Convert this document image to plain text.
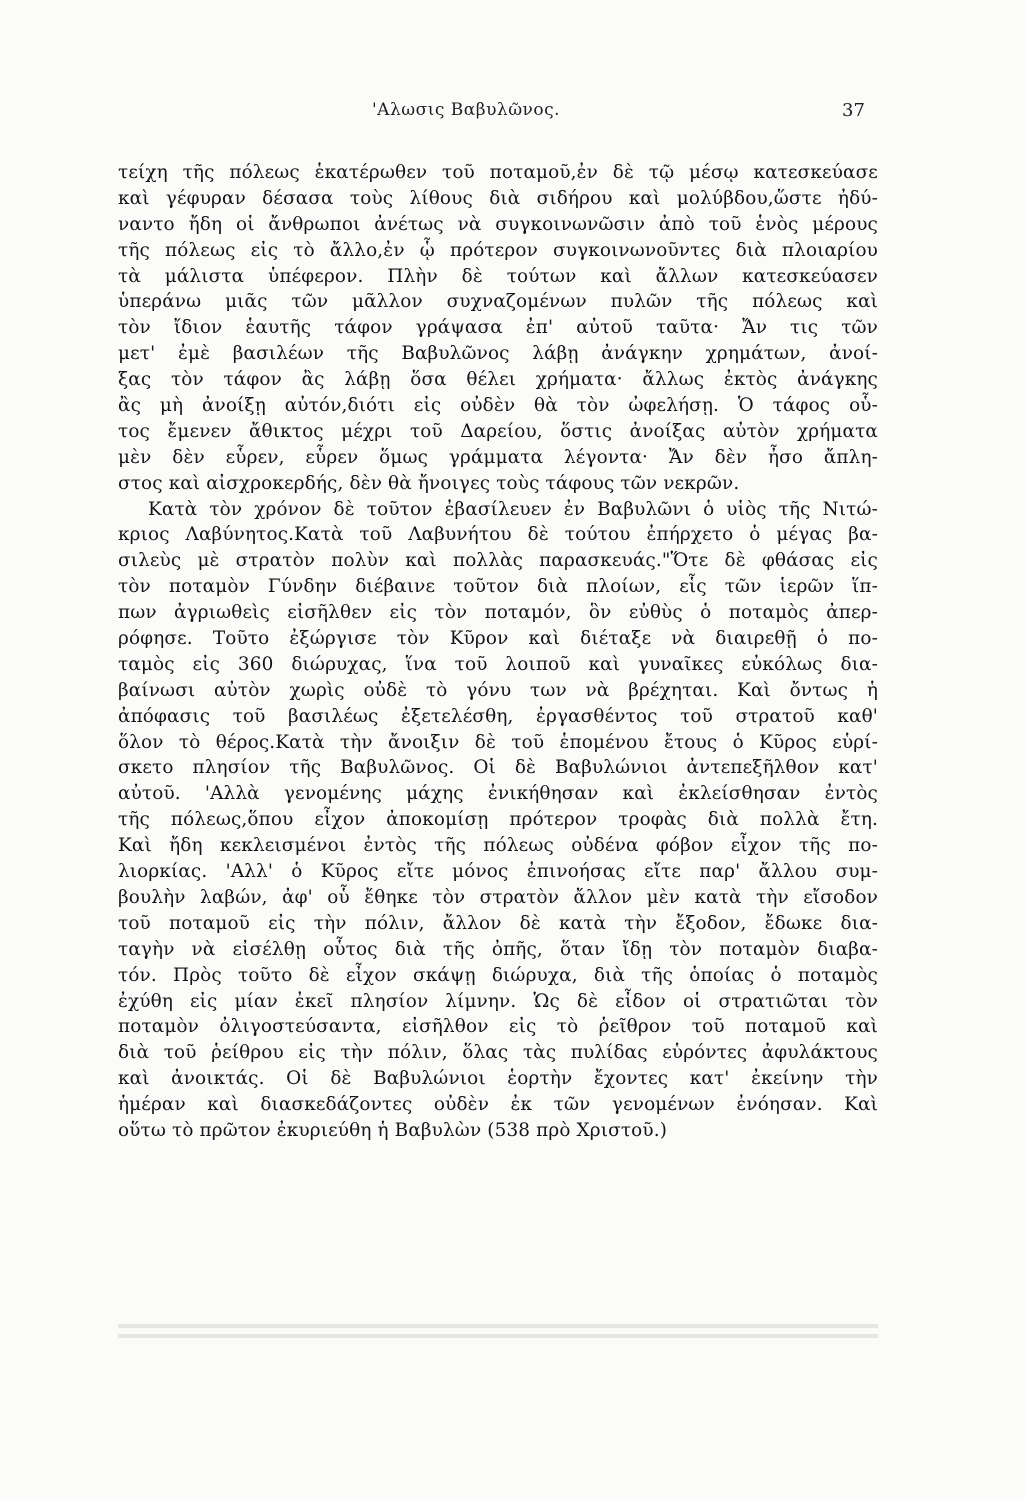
'Αλωσις Βαβυλῶνος.	37
τείχη τῆς πόλεως ἑκατέρωθεν τοῦ ποταμοῦ,ἐν δὲ τῷ μέσῳ κατεσκεύασε
καὶ γέφυραν δέσασα τοὺς λίθους διὰ σιδήρου καὶ μολύβδου,ὥστε ἠδύ-
ναντο ἤδη οἱ ἄνθρωποι ἀνέτως νὰ συγκοινωνῶσιν ἀπὸ τοῦ ἑνὸς μέρους
τῆς πόλεως εἰς τὸ ἄλλο,ἐν ᾧ πρότερον συγκοινωνοῦντες διὰ πλοιαρίου
τὰ μάλιστα ὑπέφερον. Πλὴν δὲ τούτων καὶ ἄλλων κατεσκεύασεν
ὑπεράνω μιᾶς τῶν μᾶλλον συχναζομένων πυλῶν τῆς πόλεως καὶ
τὸν ἴδιον ἑαυτῆς τάφον γράψασα ἐπ' αὐτοῦ ταῦτα· Ἄν τις τῶν
μετ' ἐμὲ βασιλέων τῆς Βαβυλῶνος λάβῃ ἀνάγκην χρημάτων, ἀνοί-
ξας τὸν τάφον ἂς λάβῃ ὅσα θέλει χρήματα· ἄλλως ἐκτὸς ἀνάγκης
ἂς μὴ ἀνοίξῃ αὐτόν,διότι εἰς οὐδὲν θὰ τὸν ὠφελήσῃ. Ὁ τάφος οὗ-
τος ἔμενεν ἄθικτος μέχρι τοῦ Δαρείου, ὅστις ἀνοίξας αὐτὸν χρήματα
μὲν δὲν εὗρεν, εὗρεν ὅμως γράμματα λέγοντα· Ἄν δὲν ἦσο ἄπλη-
στος καὶ αἰσχροκερδής, δὲν θὰ ἤνοιγες τοὺς τάφους τῶν νεκρῶν.
Κατὰ τὸν χρόνον δὲ τοῦτον ἐβασίλευεν ἐν Βαβυλῶνι ὁ υἱὸς τῆς Νιτώ-
κριος Λαβύνητος.Κατὰ τοῦ Λαβυνήτου δὲ τούτου ἐπήρχετο ὁ μέγας βα-
σιλεὺς μὲ στρατὸν πολὺν καὶ πολλὰς παρασκευάς."Ὅτε δὲ φθάσας εἰς
τὸν ποταμὸν Γύνδην διέβαινε τοῦτον διὰ πλοίων, εἷς τῶν ἱερῶν ἵπ-
πων ἀγριωθεὶς εἰσῆλθεν εἰς τὸν ποταμόν, ὃν εὐθὺς ὁ ποταμὸς ἀπερ-
ρόφησε. Τοῦτο ἐξώργισε τὸν Κῦρον καὶ διέταξε νὰ διαιρεθῇ ὁ πο-
ταμὸς εἰς 360 διώρυχας, ἵνα τοῦ λοιποῦ καὶ γυναῖκες εὐκόλως δια-
βαίνωσι αὐτὸν χωρὶς οὐδὲ τὸ γόνυ των νὰ βρέχηται. Καὶ ὄντως ἡ
ἀπόφασις τοῦ βασιλέως ἐξετελέσθη, ἐργασθέντος τοῦ στρατοῦ καθ'
ὅλον τὸ θέρος.Κατὰ τὴν ἄνοιξιν δὲ τοῦ ἑπομένου ἔτους ὁ Κῦρος εὑρί-
σκετο πλησίον τῆς Βαβυλῶνος. Οἱ δὲ Βαβυλώνιοι ἀντεπεξῆλθον κατ'
αὐτοῦ. 'Αλλὰ γενομένης μάχης ἐνικήθησαν καὶ ἐκλείσθησαν ἐντὸς
τῆς πόλεως,ὅπου εἶχον ἀποκομίσῃ πρότερον τροφὰς διὰ πολλὰ ἔτη.
Καὶ ἤδη κεκλεισμένοι ἐντὸς τῆς πόλεως οὐδένα φόβον εἶχον τῆς πο-
λιορκίας. 'Αλλ' ὁ Κῦρος εἴτε μόνος ἐπινοήσας εἴτε παρ' ἄλλου συμ-
βουλὴν λαβών, ἀφ' οὗ ἔθηκε τὸν στρατὸν ἄλλον μὲν κατὰ τὴν εἴσοδον
τοῦ ποταμοῦ εἰς τὴν πόλιν, ἄλλον δὲ κατὰ τὴν ἔξοδον, ἔδωκε δια-
ταγὴν νὰ εἰσέλθῃ οὗτος διὰ τῆς ὀπῆς, ὅταν ἴδῃ τὸν ποταμὸν διαβα-
τόν. Πρὸς τοῦτο δὲ εἶχον σκάψῃ διώρυχα, διὰ τῆς ὁποίας ὁ ποταμὸς
ἐχύθη εἰς μίαν ἐκεῖ πλησίον λίμνην. Ὡς δὲ εἶδον οἱ στρατιῶται τὸν
ποταμὸν ὀλιγοστεύσαντα, εἰσῆλθον εἰς τὸ ῥεῖθρον τοῦ ποταμοῦ καὶ
διὰ τοῦ ῥείθρου εἰς τὴν πόλιν, ὅλας τὰς πυλίδας εὑρόντες ἀφυλάκτους
καὶ ἀνοικτάς. Οἱ δὲ Βαβυλώνιοι ἑορτὴν ἔχοντες κατ' ἐκείνην τὴν
ἡμέραν καὶ διασκεδάζοντες οὐδὲν ἐκ τῶν γενομένων ἐνόησαν. Καὶ
οὕτω τὸ πρῶτον ἐκυριεύθη ἡ Βαβυλὼν (538 πρὸ Χριστοῦ.)
